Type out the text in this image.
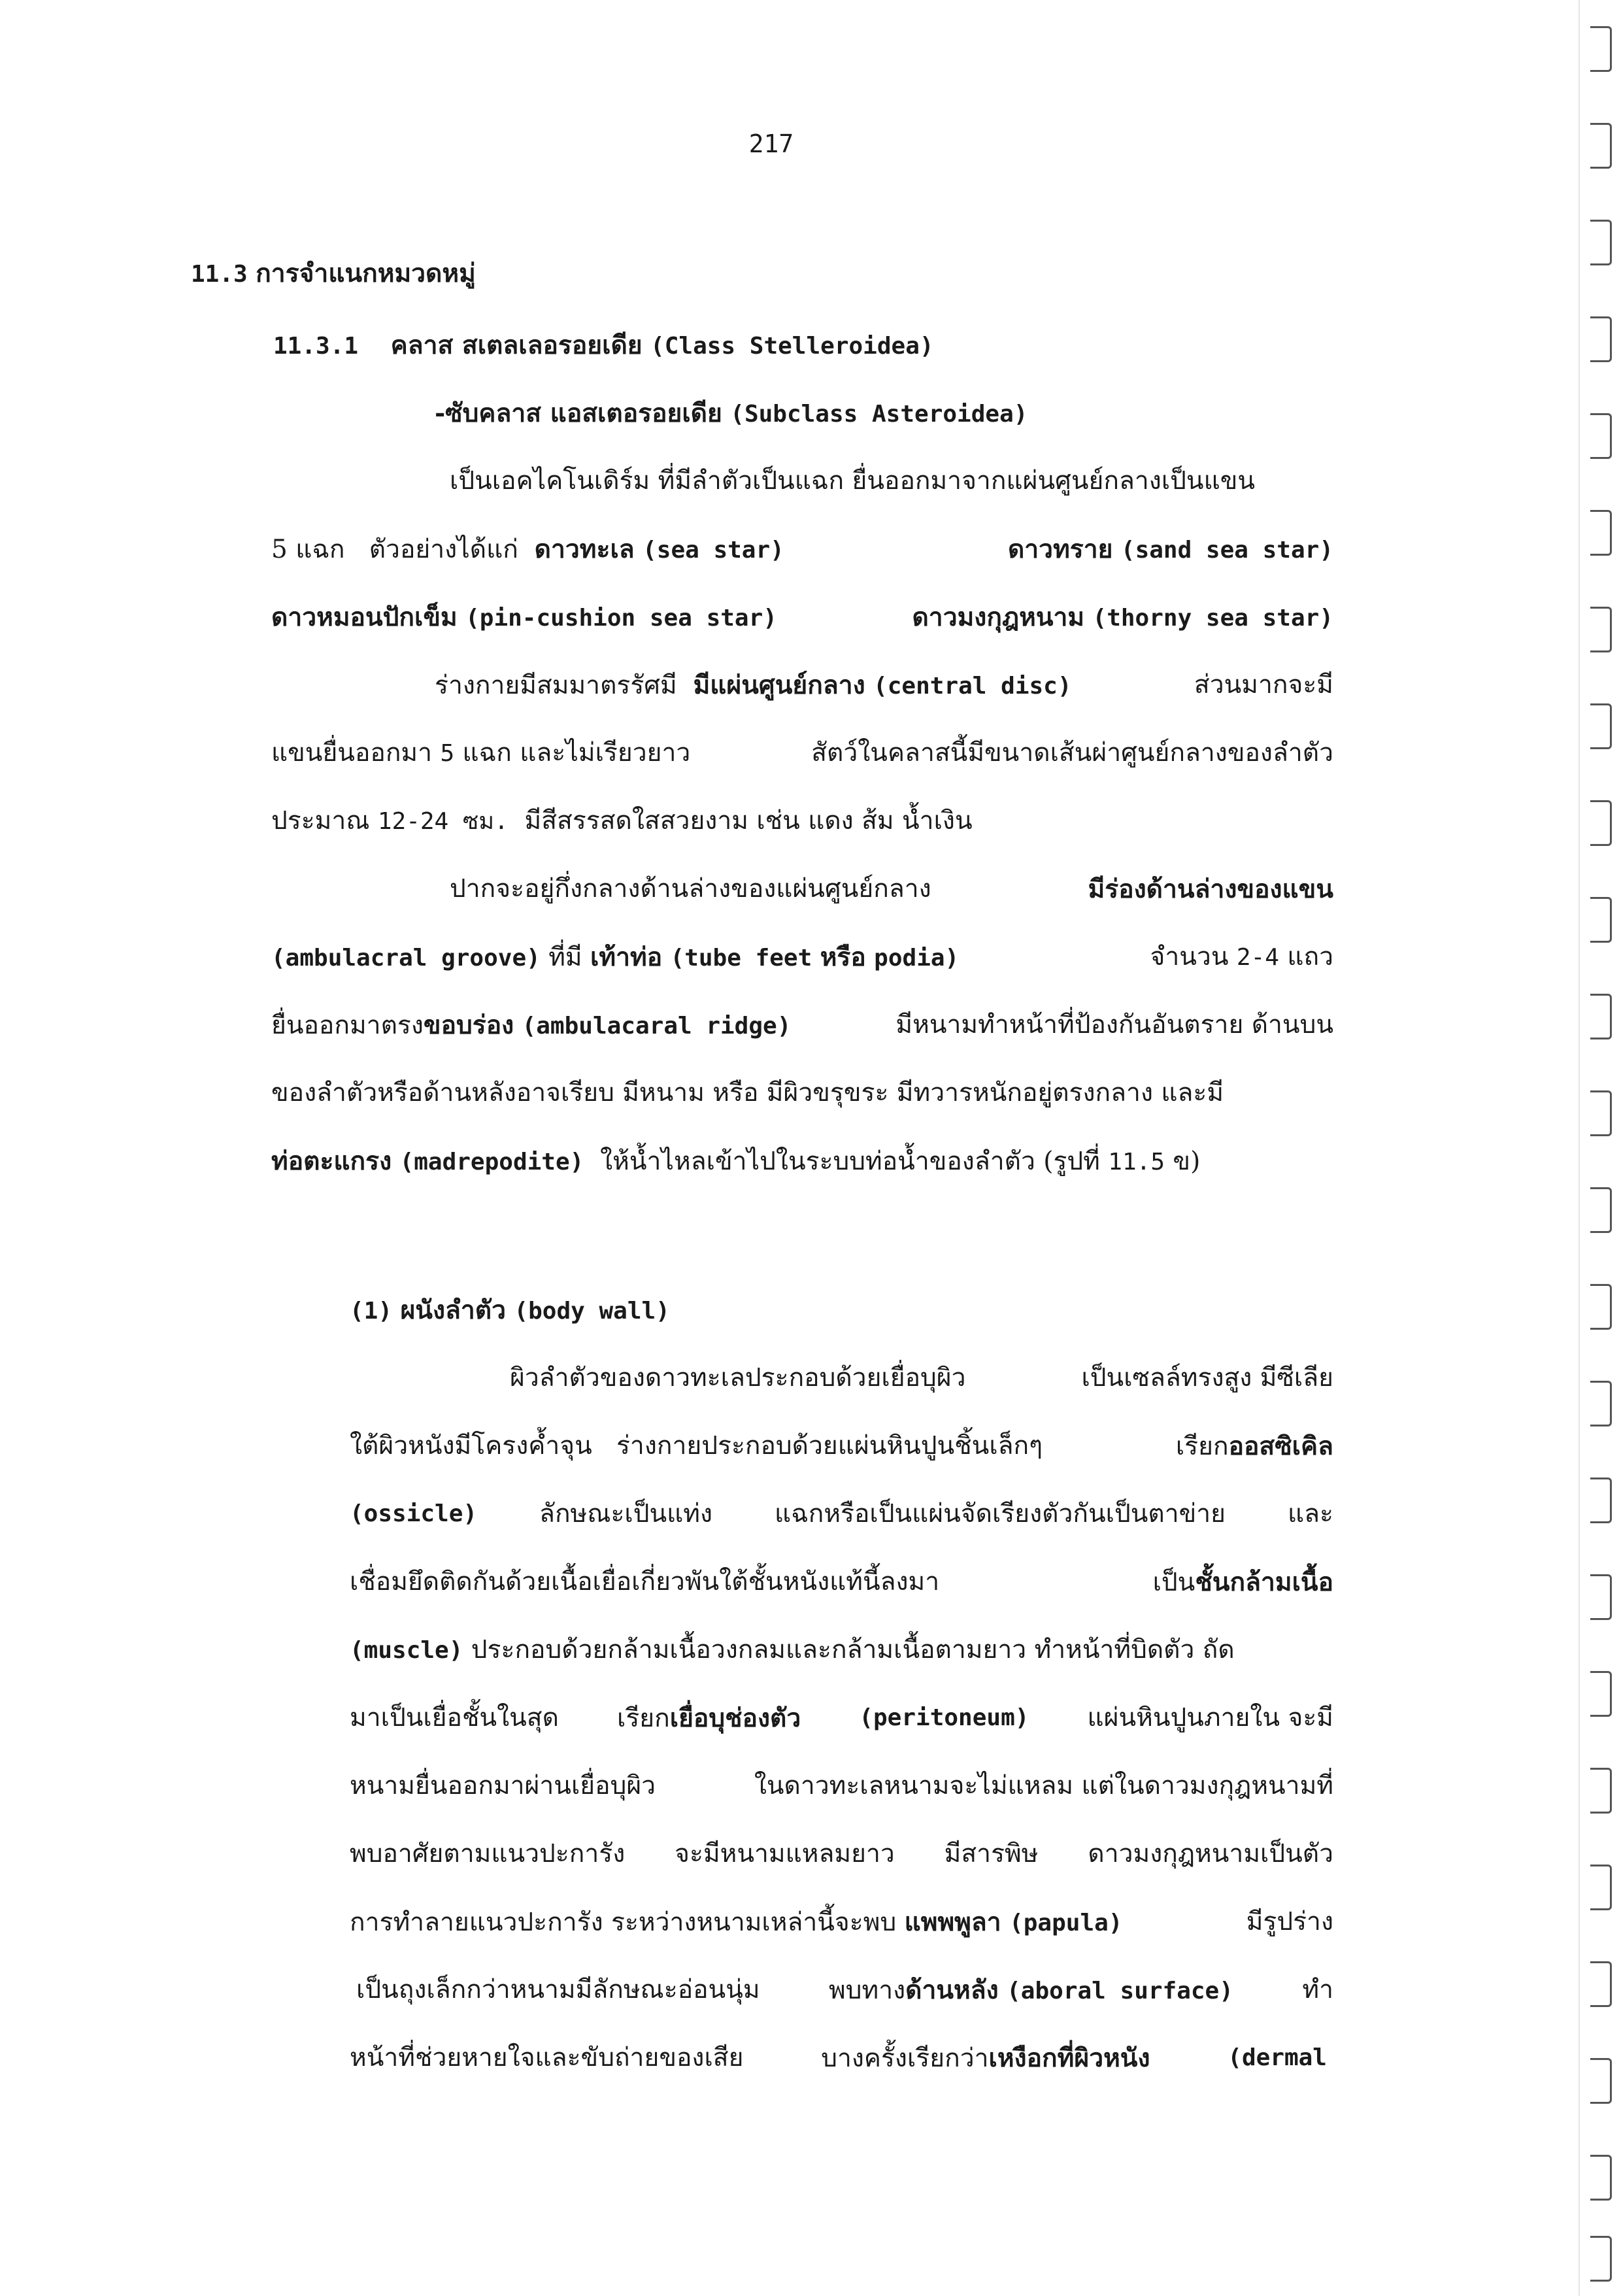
217
11.3 การจำแนกหมวดหมู่
11.3.1 คลาส สเตลเลอรอยเดีย (Class Stelleroidea)
-ซับคลาส แอสเตอรอยเดีย (Subclass Asteroidea)
เป็นเอคไคโนเดิร์ม ที่มีลำตัวเป็นแฉก ยื่นออกมาจากแผ่นศูนย์กลางเป็นแขน
5 แฉก ตัวอย่างได้แก่ ดาวทะเล (sea star)	ดาวทราย (sand sea star)
ดาวหมอนปักเข็ม (pin-cushion sea star)	ดาวมงกุฎหนาม (thorny sea star)
ร่างกายมีสมมาตรรัศมี มีแผ่นศูนย์กลาง (central disc)	ส่วนมากจะมี
แขนยื่นออกมา 5 แฉก และไม่เรียวยาว	สัตว์ในคลาสนี้มีขนาดเส้นผ่าศูนย์กลางของลำตัว
ประมาณ 12-24 ซม. มีสีสรรสดใสสวยงาม เช่น แดง ส้ม น้ำเงิน
ปากจะอยู่กึ่งกลางด้านล่างของแผ่นศูนย์กลาง	มีร่องด้านล่างของแขน
(ambulacral groove) ที่มี เท้าท่อ (tube feet หรือ podia)	จำนวน 2-4 แถว
ยื่นออกมาตรงขอบร่อง (ambulacaral ridge)	มีหนามทำหน้าที่ป้องกันอันตราย ด้านบน
ของลำตัวหรือด้านหลังอาจเรียบ มีหนาม หรือ มีผิวขรุขระ มีทวารหนักอยู่ตรงกลาง และมี
ท่อตะแกรง (madrepodite) ให้น้ำไหลเข้าไปในระบบท่อน้ำของลำตัว (รูปที่ 11.5 ข)
(1) ผนังลำตัว (body wall)
ผิวลำตัวของดาวทะเลประกอบด้วยเยื่อบุผิว	เป็นเซลล์ทรงสูง มีซีเลีย
ใต้ผิวหนังมีโครงค้ำจุน ร่างกายประกอบด้วยแผ่นหินปูนชิ้นเล็กๆ	เรียกออสซิเคิล
(ossicle) ลักษณะเป็นแท่ง แฉกหรือเป็นแผ่นจัดเรียงตัวกันเป็นตาข่าย และ
เชื่อมยึดติดกันด้วยเนื้อเยื่อเกี่ยวพันใต้ชั้นหนังแท้นี้ลงมา	เป็นชั้นกล้ามเนื้อ
(muscle) ประกอบด้วยกล้ามเนื้อวงกลมและกล้ามเนื้อตามยาว ทำหน้าที่บิดตัว ถัด
มาเป็นเยื่อชั้นในสุด เรียกเยื่อบุช่องตัว (peritoneum) แผ่นหินปูนภายใน จะมี
หนามยื่นออกมาผ่านเยื่อบุผิว	ในดาวทะเลหนามจะไม่แหลม แต่ในดาวมงกุฎหนามที่
พบอาศัยตามแนวปะการัง จะมีหนามแหลมยาว มีสารพิษ ดาวมงกุฎหนามเป็นตัว
การทำลายแนวปะการัง ระหว่างหนามเหล่านี้จะพบ แพพพูลา (papula)	มีรูปร่าง
เป็นถุงเล็กกว่าหนามมีลักษณะอ่อนนุ่ม	พบทางด้านหลัง (aboral surface)	ทำ
หน้าที่ช่วยหายใจและขับถ่ายของเสีย	บางครั้งเรียกว่าเหงือกที่ผิวหนัง	(dermal
